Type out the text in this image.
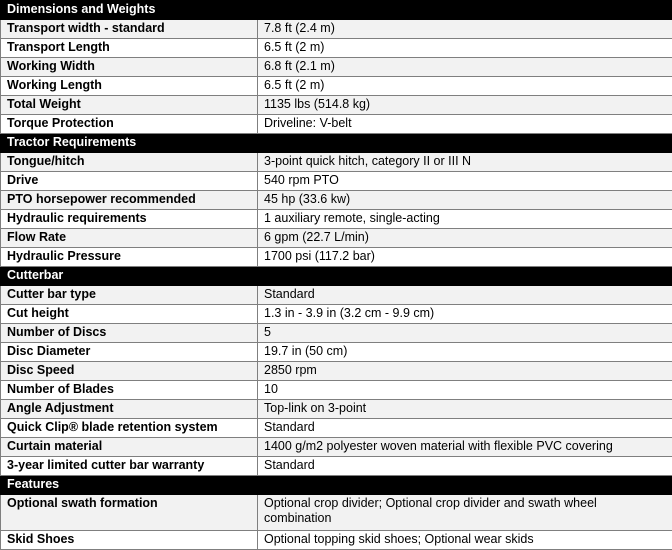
Dimensions and Weights	
Transport width - standard	7.8 ft (2.4 m)
Transport Length	6.5 ft (2 m)
Working Width	6.8 ft (2.1 m)
Working Length	6.5 ft (2 m)
Total Weight	1135 lbs (514.8 kg)
Torque Protection	Driveline: V-belt
Tractor Requirements	
Tongue/hitch	3-point quick hitch, category II or III N
Drive	540 rpm PTO
PTO horsepower recommended	45 hp (33.6 kw)
Hydraulic requirements	1 auxiliary remote, single-acting
Flow Rate	6 gpm (22.7 L/min)
Hydraulic Pressure	1700 psi (117.2 bar)
Cutterbar	
Cutter bar type	Standard
Cut height	1.3 in - 3.9 in (3.2 cm - 9.9 cm)
Number of Discs	5
Disc Diameter	19.7 in (50 cm)
Disc Speed	2850 rpm
Number of Blades	10
Angle Adjustment	Top-link on 3-point
Quick Clip® blade retention system	Standard
Curtain material	1400 g/m2 polyester woven material with flexible PVC covering
3-year limited cutter bar warranty	Standard
Features	
Optional swath formation	Optional crop divider; Optional crop divider and swath wheel combination
Skid Shoes	Optional topping skid shoes; Optional wear skids
